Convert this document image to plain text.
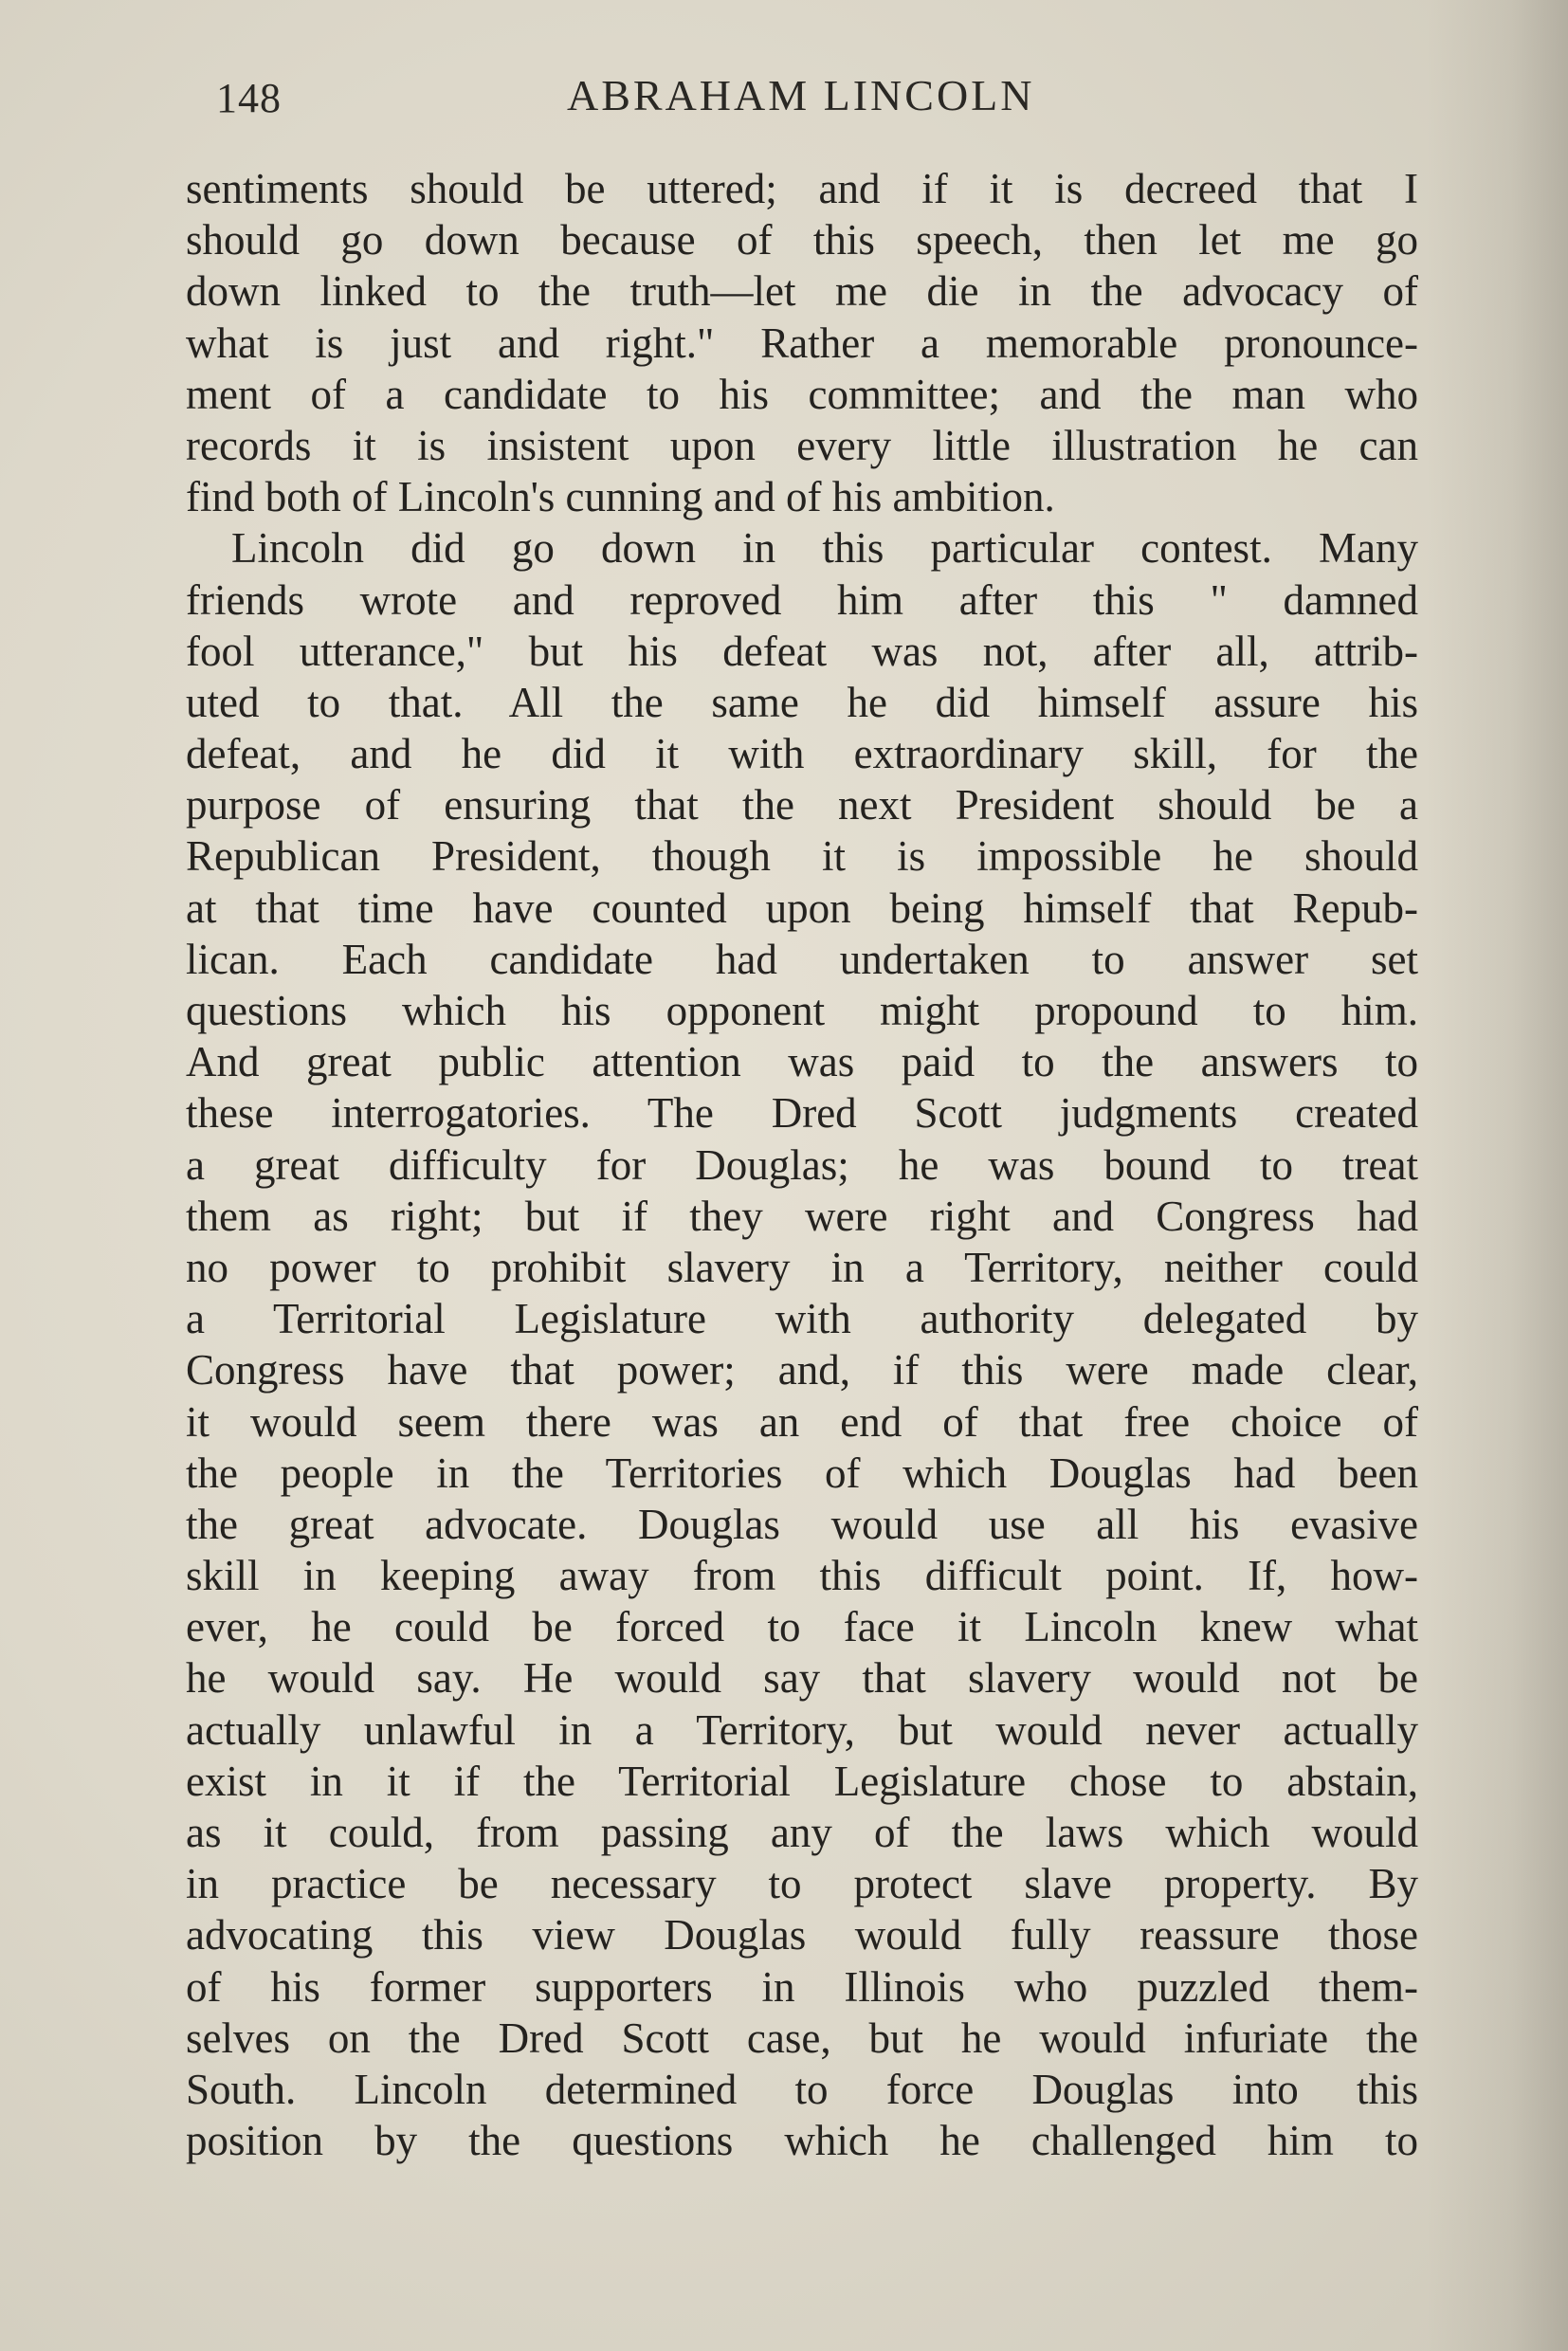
148	ABRAHAM LINCOLN
sentiments should be uttered; and if it is decreed that I
should go down because of this speech, then let me go
down linked to the truth—let me die in the advocacy of
what is just and right." Rather a memorable pronounce-
ment of a candidate to his committee; and the man who
records it is insistent upon every little illustration he can
find both of Lincoln's cunning and of his ambition.
Lincoln did go down in this particular contest. Many
friends wrote and reproved him after this " damned
fool utterance," but his defeat was not, after all, attrib-
uted to that. All the same he did himself assure his
defeat, and he did it with extraordinary skill, for the
purpose of ensuring that the next President should be a
Republican President, though it is impossible he should
at that time have counted upon being himself that Repub-
lican. Each candidate had undertaken to answer set
questions which his opponent might propound to him.
And great public attention was paid to the answers to
these interrogatories. The Dred Scott judgments created
a great difficulty for Douglas; he was bound to treat
them as right; but if they were right and Congress had
no power to prohibit slavery in a Territory, neither could
a Territorial Legislature with authority delegated by
Congress have that power; and, if this were made clear,
it would seem there was an end of that free choice of
the people in the Territories of which Douglas had been
the great advocate. Douglas would use all his evasive
skill in keeping away from this difficult point. If, how-
ever, he could be forced to face it Lincoln knew what
he would say. He would say that slavery would not be
actually unlawful in a Territory, but would never actually
exist in it if the Territorial Legislature chose to abstain,
as it could, from passing any of the laws which would
in practice be necessary to protect slave property. By
advocating this view Douglas would fully reassure those
of his former supporters in Illinois who puzzled them-
selves on the Dred Scott case, but he would infuriate the
South. Lincoln determined to force Douglas into this
position by the questions which he challenged him to
